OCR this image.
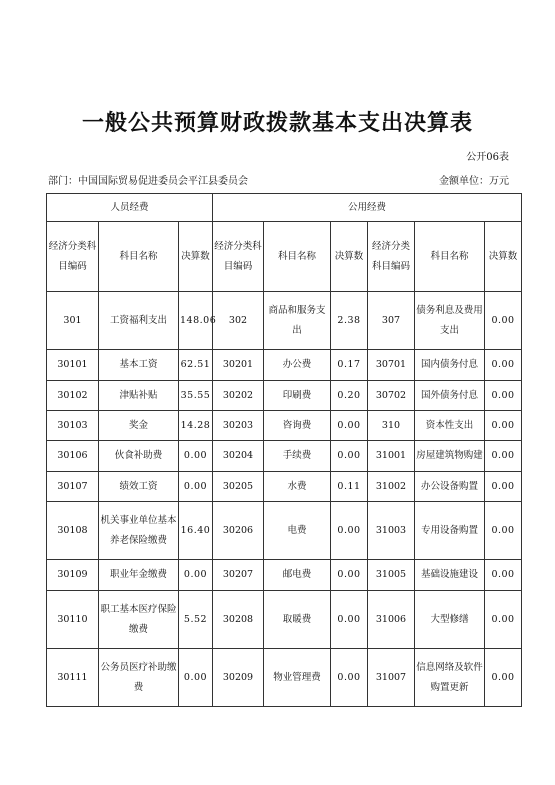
一般公共预算财政拨款基本支出决算表
公开06表
部门：中国国际贸易促进委员会平江县委员会	金额单位：万元
人员经费			公用经费					
经济分类科目编码	科目名称	决算数	经济分类科目编码	科目名称	决算数	经济分类科目编码	科目名称	决算数
301	工资福利支出	148.06	302	商品和服务支出	2.38	307	债务利息及费用支出	0.00
30101	基本工资	62.51	30201	办公费	0.17	30701	国内债务付息	0.00
30102	津贴补贴	35.55	30202	印刷费	0.20	30702	国外债务付息	0.00
30103	奖金	14.28	30203	咨询费	0.00	310	资本性支出	0.00
30106	伙食补助费	0.00	30204	手续费	0.00	31001	房屋建筑物购建	0.00
30107	绩效工资	0.00	30205	水费	0.11	31002	办公设备购置	0.00
30108	机关事业单位基本养老保险缴费	16.40	30206	电费	0.00	31003	专用设备购置	0.00
30109	职业年金缴费	0.00	30207	邮电费	0.00	31005	基础设施建设	0.00
30110	职工基本医疗保险缴费	5.52	30208	取暖费	0.00	31006	大型修缮	0.00
30111	公务员医疗补助缴费	0.00	30209	物业管理费	0.00	31007	信息网络及软件购置更新	0.00
